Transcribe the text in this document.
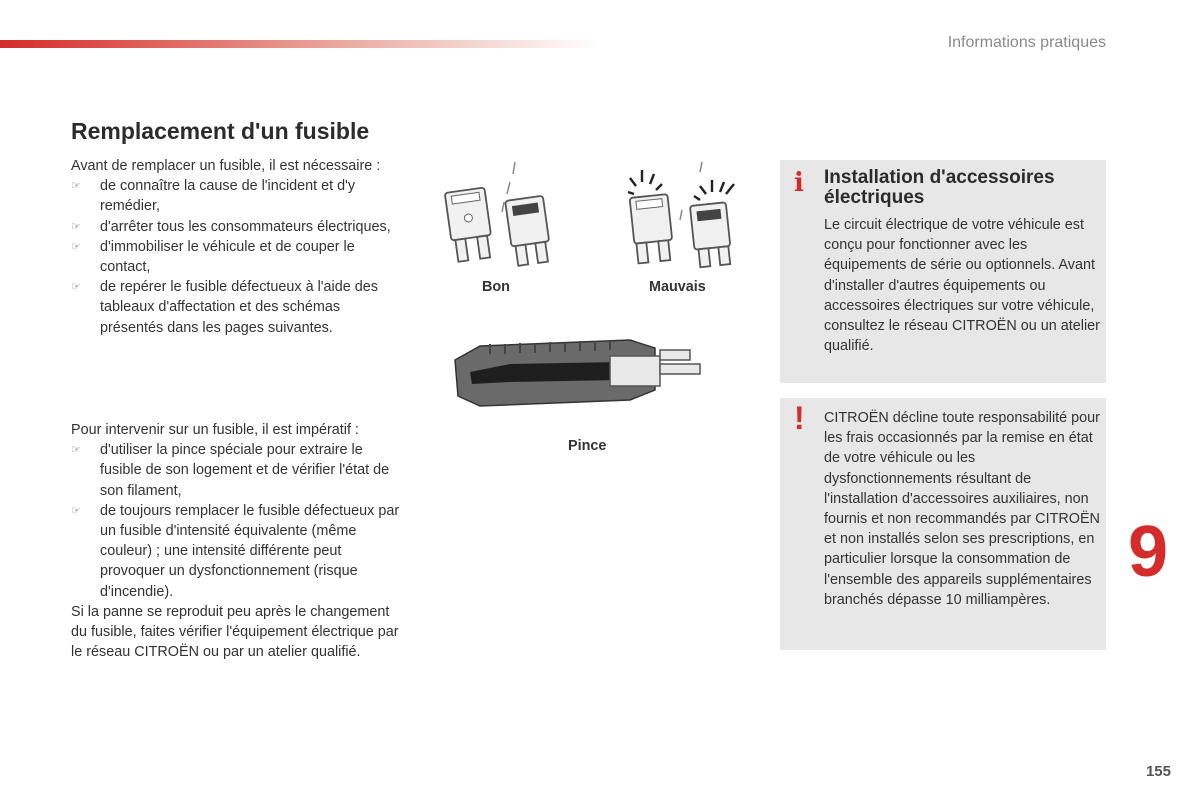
Informations pratiques
Remplacement d'un fusible

Avant de remplacer un fusible, il est nécessaire :

☞ de connaître la cause de l'incident et d'y remédier,
☞ d'arrêter tous les consommateurs électriques,
☞ d'immobiliser le véhicule et de couper le contact,
☞ de repérer le fusible défectueux à l'aide des tableaux d'affectation et des schémas présentés dans les pages suivantes.

Pour intervenir sur un fusible, il est impératif :

☞ d'utiliser la pince spéciale pour extraire le fusible de son logement et de vérifier l'état de son filament,
☞ de toujours remplacer le fusible défectueux par un fusible d'intensité équivalente (même couleur) ; une intensité différente peut provoquer un dysfonctionnement (risque d'incendie).

Si la panne se reproduit peu après le changement du fusible, faites vérifier l'équipement électrique par le réseau CITROËN ou par un atelier qualifié.

Bon	Mauvais
Pince
i Installation d'accessoires électriques
Le circuit électrique de votre véhicule est conçu pour fonctionner avec les équipements de série ou optionnels. Avant d'installer d'autres équipements ou accessoires électriques sur votre véhicule, consultez le réseau CITROËN ou un atelier qualifié.
! CITROËN décline toute responsabilité pour les frais occasionnés par la remise en état de votre véhicule ou les dysfonctionnements résultant de l'installation d'accessoires auxiliaires, non fournis et non recommandés par CITROËN et non installés selon ses prescriptions, en particulier lorsque la consommation de l'ensemble des appareils supplémentaires branchés dépasse 10 milliampères.
9
155
